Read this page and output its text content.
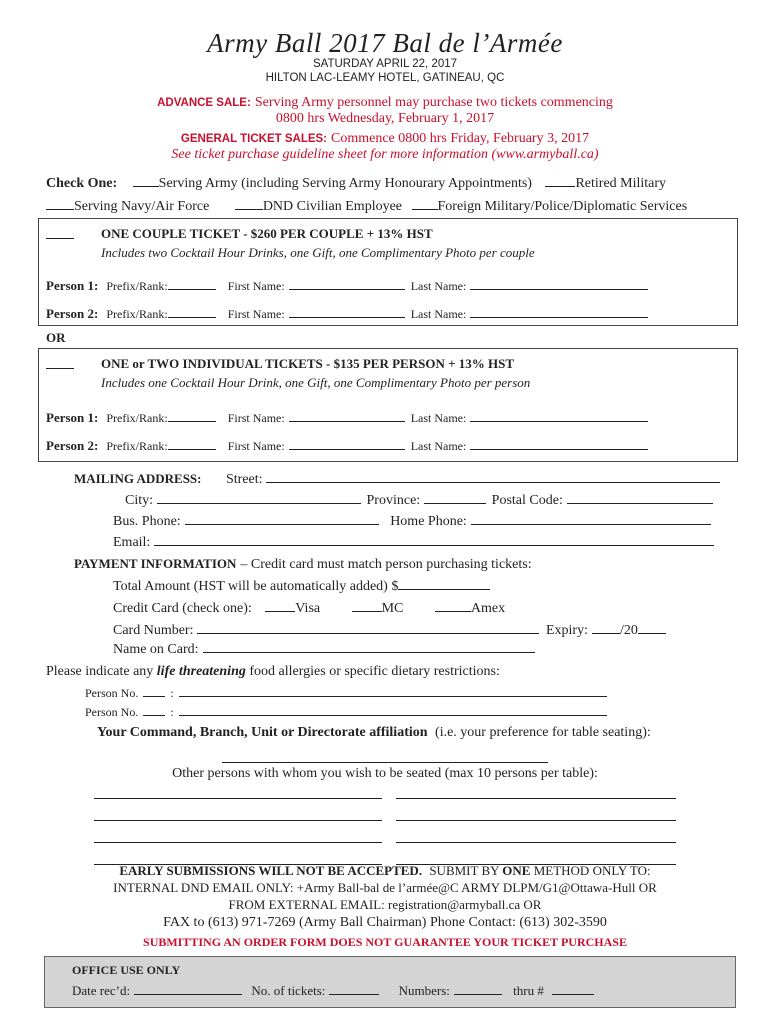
Army Ball 2017 Bal de l’Armée
SATURDAY APRIL 22, 2017
HILTON LAC-LEAMY HOTEL, GATINEAU, QC
ADVANCE SALE: Serving Army personnel may purchase two tickets commencing
0800 hrs Wednesday, February 1, 2017
GENERAL TICKET SALES: Commence 0800 hrs Friday, February 3, 2017
See ticket purchase guideline sheet for more information (www.armyball.ca)
Check One:	Serving Army (including Serving Army Honourary Appointments)	Retired Military
Serving Navy/Air Force	DND Civilian Employee	Foreign Military/Police/Diplomatic Services
ONE COUPLE TICKET - $260 PER COUPLE + 13% HST
Includes two Cocktail Hour Drinks, one Gift, one Complimentary Photo per couple
Person 1: Prefix/Rank:	First Name:	Last Name:
Person 2: Prefix/Rank:	First Name:	Last Name:
OR
ONE or TWO INDIVIDUAL TICKETS - $135 PER PERSON + 13% HST
Includes one Cocktail Hour Drink, one Gift, one Complimentary Photo per person
Person 1: Prefix/Rank:	First Name:	Last Name:
Person 2: Prefix/Rank:	First Name:	Last Name:
MAILING ADDRESS: Street:
City:	Province:	Postal Code:
Bus. Phone:	Home Phone:
Email:
PAYMENT INFORMATION – Credit card must match person purchasing tickets:
Total Amount (HST will be automatically added) $
Credit Card (check one):	Visa	MC	Amex
Card Number:	Expiry: /20
Name on Card:
Please indicate any life threatening food allergies or specific dietary restrictions:
Person No.	:
Person No.	:
Your Command, Branch, Unit or Directorate affiliation (i.e. your preference for table seating):
Other persons with whom you wish to be seated (max 10 persons per table):
EARLY SUBMISSIONS WILL NOT BE ACCEPTED. SUBMIT BY ONE METHOD ONLY TO:
INTERNAL DND EMAIL ONLY: +Army Ball-bal de l’armée@C ARMY DLPM/G1@Ottawa-Hull OR
FROM EXTERNAL EMAIL: registration@armyball.ca OR
FAX to (613) 971-7269 (Army Ball Chairman) Phone Contact: (613) 302-3590
SUBMITTING AN ORDER FORM DOES NOT GUARANTEE YOUR TICKET PURCHASE
OFFICE USE ONLY
Date rec’d:	No. of tickets:	Numbers:	thru #
